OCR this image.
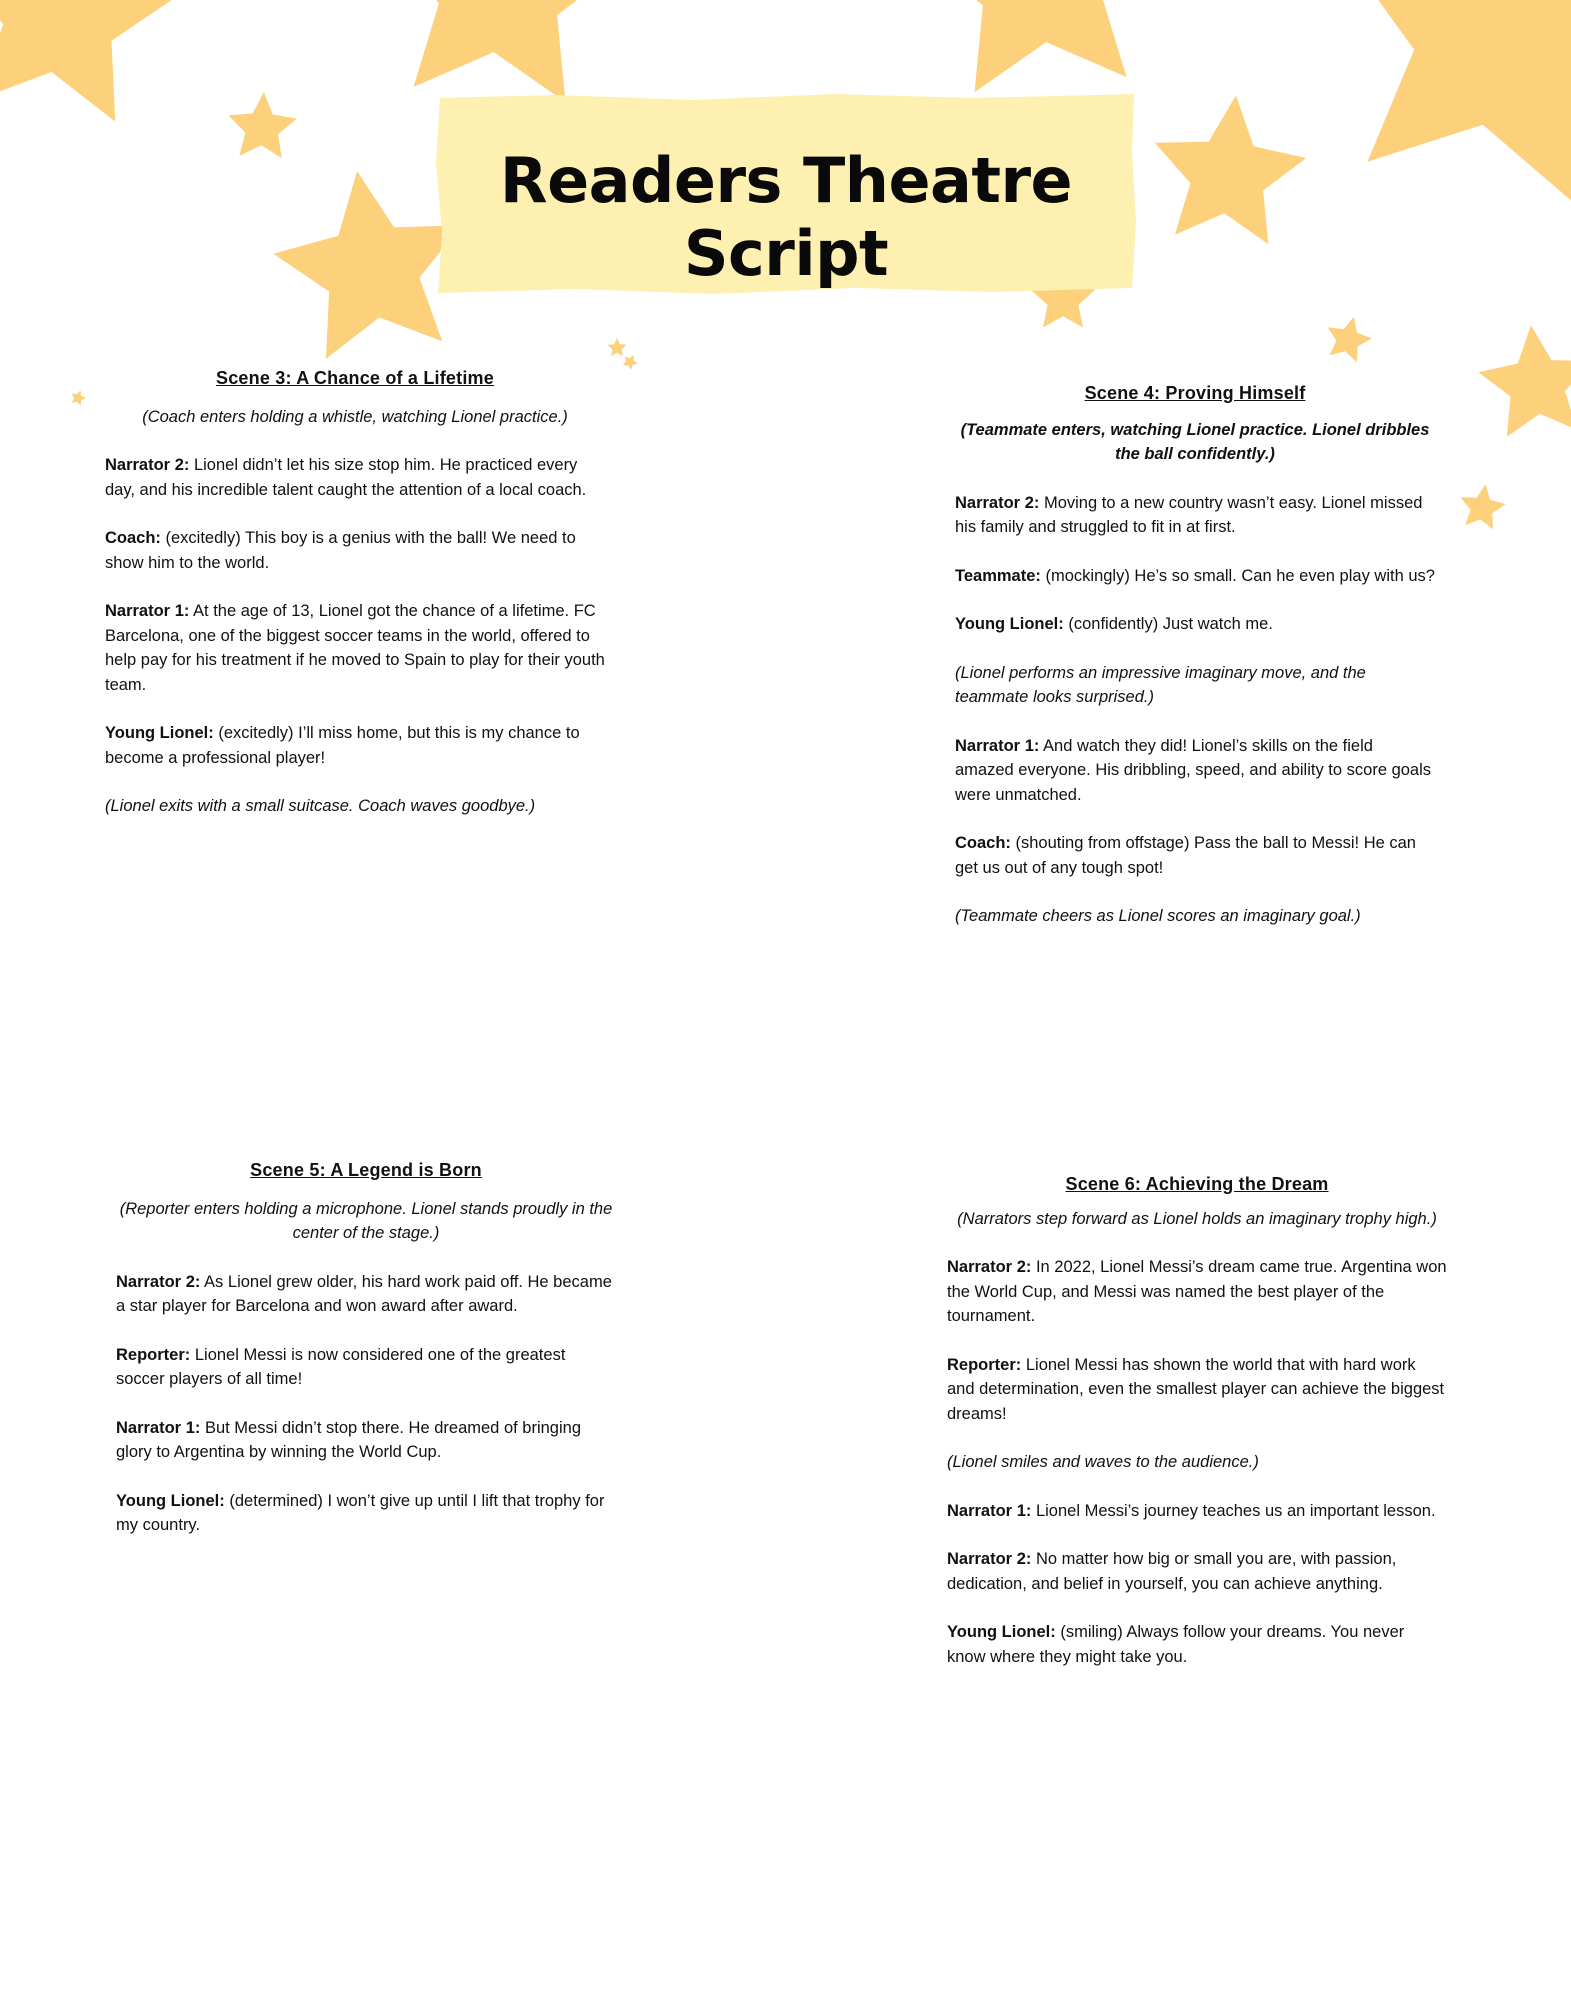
Readers Theatre Script
Scene 3: A Chance of a Lifetime
(Coach enters holding a whistle, watching Lionel practice.)
Narrator 2: Lionel didn’t let his size stop him. He practiced every day, and his incredible talent caught the attention of a local coach.
Coach: (excitedly) This boy is a genius with the ball! We need to show him to the world.
Narrator 1: At the age of 13, Lionel got the chance of a lifetime. FC Barcelona, one of the biggest soccer teams in the world, offered to help pay for his treatment if he moved to Spain to play for their youth team.
Young Lionel: (excitedly) I’ll miss home, but this is my chance to become a professional player!
(Lionel exits with a small suitcase. Coach waves goodbye.)
Scene 4: Proving Himself
(Teammate enters, watching Lionel practice. Lionel dribbles the ball confidently.)
Narrator 2: Moving to a new country wasn’t easy. Lionel missed his family and struggled to fit in at first.
Teammate: (mockingly) He’s so small. Can he even play with us?
Young Lionel: (confidently) Just watch me.
(Lionel performs an impressive imaginary move, and the teammate looks surprised.)
Narrator 1: And watch they did! Lionel’s skills on the field amazed everyone. His dribbling, speed, and ability to score goals were unmatched.
Coach: (shouting from offstage) Pass the ball to Messi! He can get us out of any tough spot!
(Teammate cheers as Lionel scores an imaginary goal.)
Scene 5: A Legend is Born
(Reporter enters holding a microphone. Lionel stands proudly in the center of the stage.)
Narrator 2: As Lionel grew older, his hard work paid off. He became a star player for Barcelona and won award after award.
Reporter: Lionel Messi is now considered one of the greatest soccer players of all time!
Narrator 1: But Messi didn’t stop there. He dreamed of bringing glory to Argentina by winning the World Cup.
Young Lionel: (determined) I won’t give up until I lift that trophy for my country.
Scene 6: Achieving the Dream
(Narrators step forward as Lionel holds an imaginary trophy high.)
Narrator 2: In 2022, Lionel Messi’s dream came true. Argentina won the World Cup, and Messi was named the best player of the tournament.
Reporter: Lionel Messi has shown the world that with hard work and determination, even the smallest player can achieve the biggest dreams!
(Lionel smiles and waves to the audience.)
Narrator 1: Lionel Messi’s journey teaches us an important lesson.
Narrator 2: No matter how big or small you are, with passion, dedication, and belief in yourself, you can achieve anything.
Young Lionel: (smiling) Always follow your dreams. You never know where they might take you.
